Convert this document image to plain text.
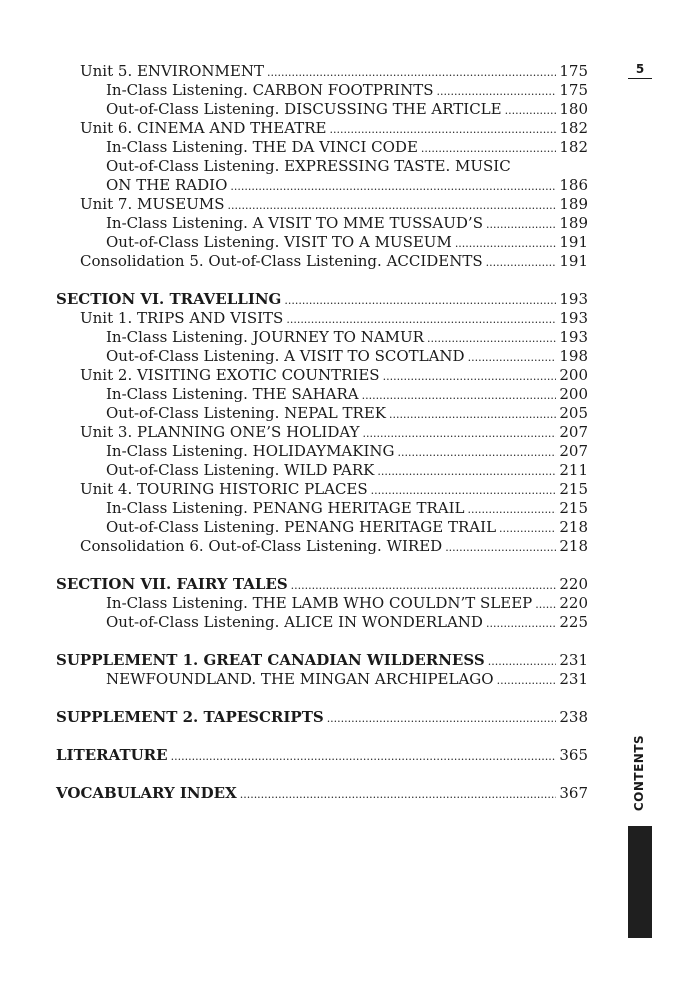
Unit 5. ENVIRONMENT .....	175
In-Class Listening. CARBON FOOTPRINTS .....	175
Out-of-Class Listening. DISCUSSING THE ARTICLE .....	180
Unit 6. CINEMA AND THEATRE .....	182
In-Class Listening. THE DA VINCI CODE .....	182
Out-of-Class Listening. EXPRESSING TASTE. MUSIC
ON THE RADIO .....	186
Unit 7. MUSEUMS .....	189
In-Class Listening. A VISIT TO MME TUSSAUD’S .....	189
Out-of-Class Listening. VISIT TO A MUSEUM .....	191
Consolidation 5. Out-of-Class Listening. ACCIDENTS .....	191
SECTION VI. TRAVELLING .....	193
Unit 1. TRIPS AND VISITS .....	193
In-Class Listening. JOURNEY TO NAMUR .....	193
Out-of-Class Listening. A VISIT TO SCOTLAND .....	198
Unit 2. VISITING EXOTIC COUNTRIES .....	200
In-Class Listening. THE SAHARA .....	200
Out-of-Class Listening. NEPAL TREK .....	205
Unit 3. PLANNING ONE’S HOLIDAY .....	207
In-Class Listening. HOLIDAYMAKING .....	207
Out-of-Class Listening. WILD PARK .....	211
Unit 4. TOURING HISTORIC PLACES .....	215
In-Class Listening. PENANG HERITAGE TRAIL .....	215
Out-of-Class Listening. PENANG HERITAGE TRAIL .....	218
Consolidation 6. Out-of-Class Listening. WIRED .....	218
SECTION VII. FAIRY TALES .....	220
In-Class Listening. THE LAMB WHO COULDN’T SLEEP ..... 220
Out-of-Class Listening. ALICE IN WONDERLAND .....	225
SUPPLEMENT 1. GREAT CANADIAN WILDERNESS .....	231
NEWFOUNDLAND. THE MINGAN ARCHIPELAGO .....	231
SUPPLEMENT 2. TAPESCRIPTS .....	238
LITERATURE .....	365
VOCABULARY INDEX .....	367
5
CONTENTS
